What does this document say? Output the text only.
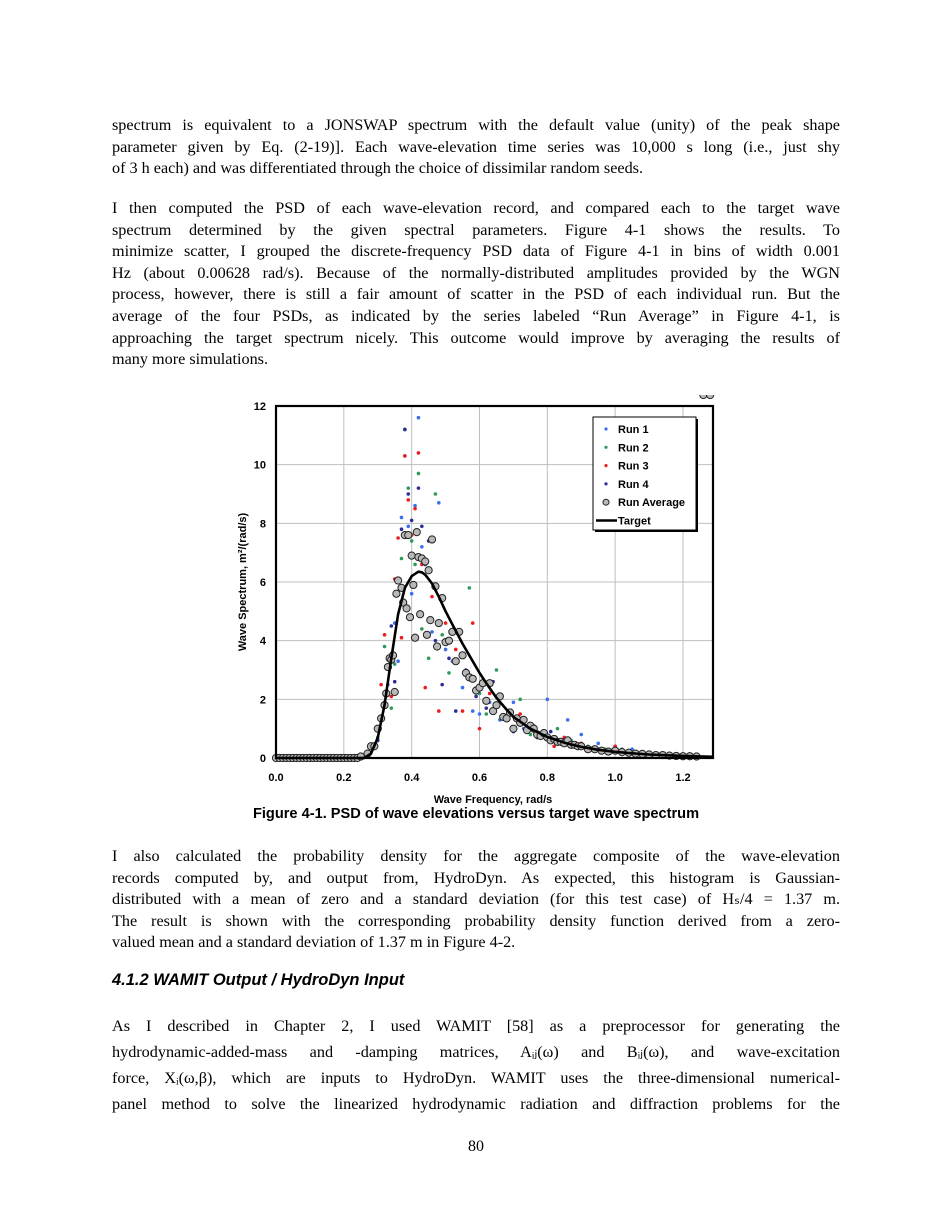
spectrum is equivalent to a JONSWAP spectrum with the default value (unity) of the peak shape
parameter given by Eq. (2-19)]. Each wave-elevation time series was 10,000 s long (i.e., just shy
of 3 h each) and was differentiated through the choice of dissimilar random seeds.

I then computed the PSD of each wave-elevation record, and compared each to the target wave
spectrum determined by the given spectral parameters. Figure 4-1 shows the results. To
minimize scatter, I grouped the discrete-frequency PSD data of Figure 4-1 in bins of width 0.001
Hz (about 0.00628 rad/s). Because of the normally-distributed amplitudes provided by the WGN
process, however, there is still a fair amount of scatter in the PSD of each individual run. But the
average of the four PSDs, as indicated by the series labeled “Run Average” in Figure 4-1, is
approaching the target spectrum nicely. This outcome would improve by averaging the results of
many more simulations.

0
2
4
6
8
10
12
0.0	0.2	0.4	0.6	0.8	1.0	1.2
Wave Frequency, rad/s
Wave Spectrum, m²/(rad/s)
Run 1
Run 2
Run 3
Run 4
Run Average
Target
Figure 4-1. PSD of wave elevations versus target wave spectrum

I also calculated the probability density for the aggregate composite of the wave-elevation
records computed by, and output from, HydroDyn. As expected, this histogram is Gaussian-
distributed with a mean of zero and a standard deviation (for this test case) of Hₛ/4 = 1.37 m.
The result is shown with the corresponding probability density function derived from a zero-
valued mean and a standard deviation of 1.37 m in Figure 4-2.

4.1.2 WAMIT Output / HydroDyn Input

As I described in Chapter 2, I used WAMIT [58] as a preprocessor for generating the
hydrodynamic-added-mass and -damping matrices, Aᵢⱼ(ω) and Bᵢⱼ(ω), and wave-excitation
force, Xᵢ(ω,β), which are inputs to HydroDyn. WAMIT uses the three-dimensional numerical-
panel method to solve the linearized hydrodynamic radiation and diffraction problems for the

80
